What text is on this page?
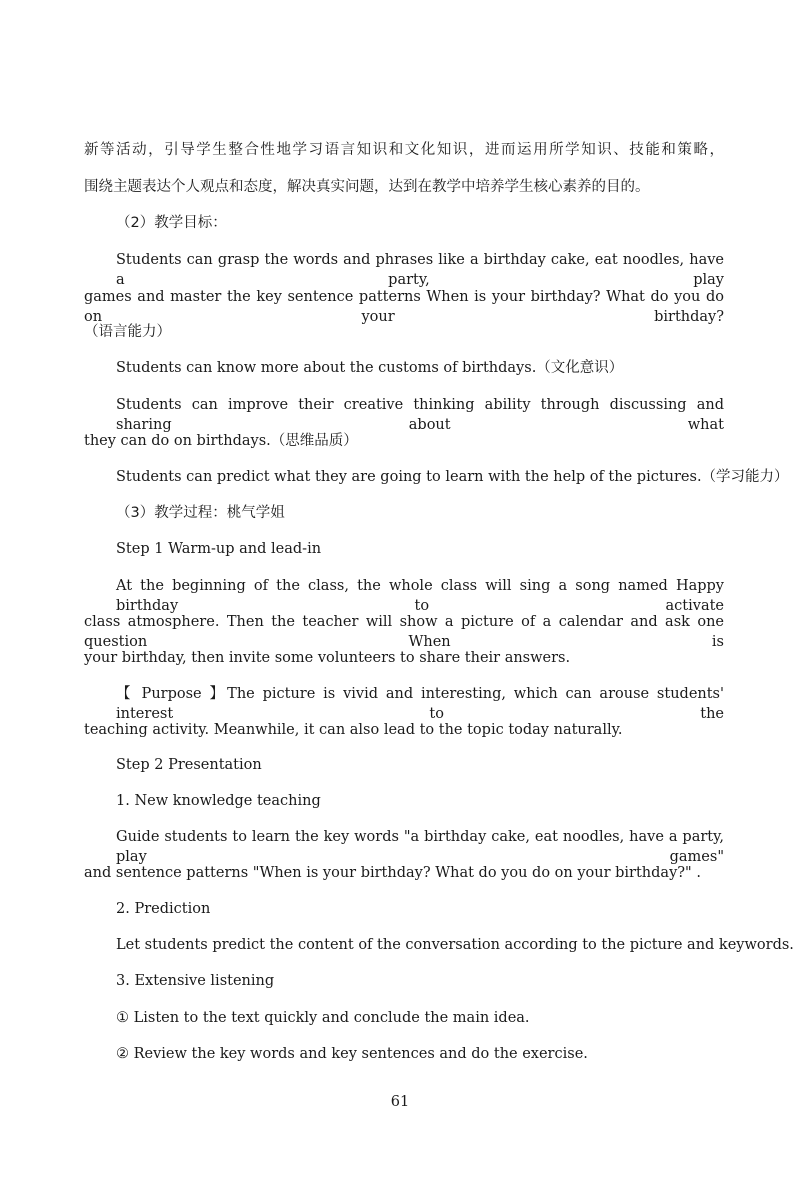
新等活动，引导学生整合性地学习语言知识和文化知识，进而运用所学知识、技能和策略，
围绕主题表达个人观点和态度，解决真实问题，达到在教学中培养学生核心素养的目的。
（2）教学目标：
Students can grasp the words and phrases like a birthday cake, eat noodles, have a party, play
games and master the key sentence patterns When is your birthday? What do you do on your birthday?
（语言能力）
Students can know more about the customs of birthdays.（文化意识）
Students can improve their creative thinking ability through discussing and sharing about what
they can do on birthdays.（思维品质）
Students can predict what they are going to learn with the help of the pictures.（学习能力）
（3）教学过程：桃气学姐
Step 1 Warm-up and lead-in
At the beginning of the class, the whole class will sing a song named Happy birthday to activate
class atmosphere. Then the teacher will show a picture of a calendar and ask one question When is
your birthday, then invite some volunteers to share their answers.
【 Purpose 】The picture is vivid and interesting, which can arouse students' interest to the
teaching activity. Meanwhile, it can also lead to the topic today naturally.
Step 2 Presentation
1. New knowledge teaching
Guide students to learn the key words "a birthday cake, eat noodles, have a party, play games"
and sentence patterns "When is your birthday? What do you do on your birthday?" .
2. Prediction
Let students predict the content of the conversation according to the picture and keywords.
3. Extensive listening
① Listen to the text quickly and conclude the main idea.
② Review the key words and key sentences and do the exercise.
61
